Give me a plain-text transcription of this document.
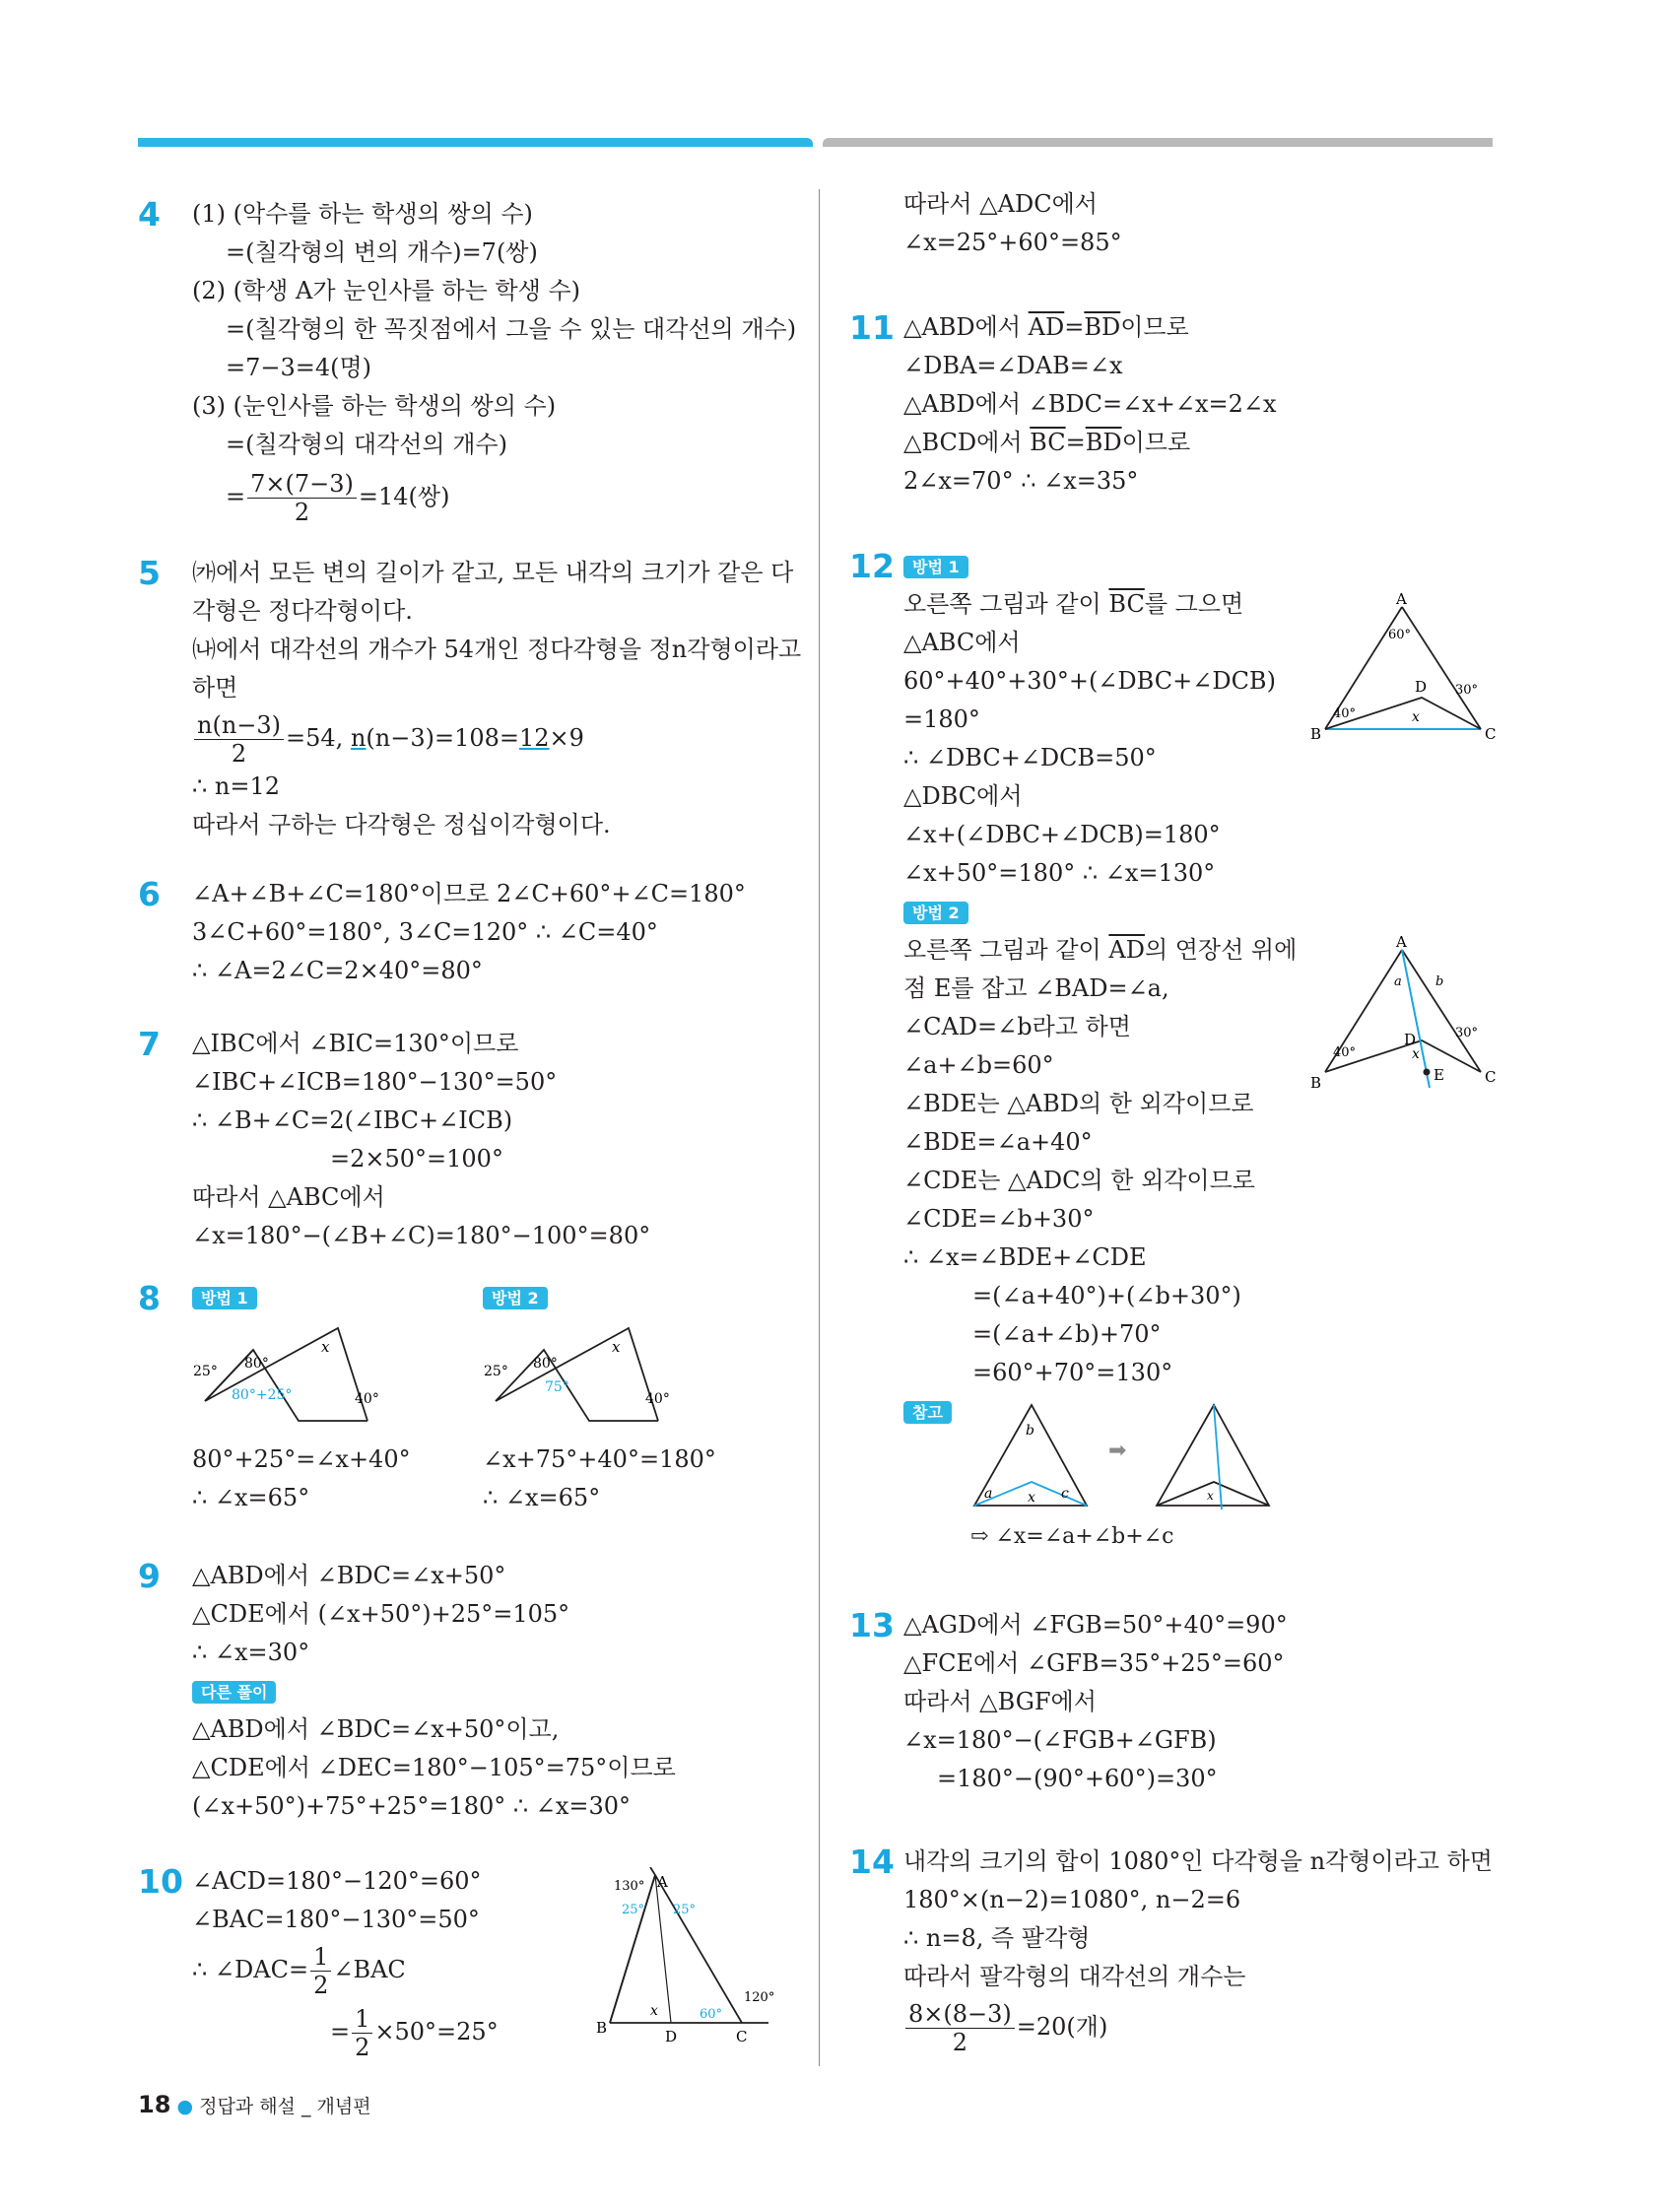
4 (1) (악수를 하는 학생의 쌍의 수)
=(칠각형의 변의 개수)=7(쌍)
(2) (학생 A가 눈인사를 하는 학생 수)
=(칠각형의 한 꼭짓점에서 그을 수 있는 대각선의 개수)
=7−3=4(명)
(3) (눈인사를 하는 학생의 쌍의 수)
=(칠각형의 대각선의 개수)
= $\frac{7\times(7-3)}{2} =14$(쌍)
5 ㈎에서 모든 변의 길이가 같고, 모든 내각의 크기가 같은 다
각형은 정다각형이다.
㈏에서 대각선의 개수가 54개인 정다각형을 정n각형이라고
하면
$\frac{n(n-3)}{2} =54$, n(n−3)=108=12×9
∴ n=12
따라서 구하는 다각형은 정십이각형이다.
6 ∠A+∠B+∠C=180°이므로 2∠C+60°+∠C=180°
3∠C+60°=180°, 3∠C=120° ∴ ∠C=40°
∴ ∠A=2∠C=2×40°=80°
7 △IBC에서 ∠BIC=130°이므로
∠IBC+∠ICB=180°−130°=50°
∴ ∠B+∠C=2(∠IBC+∠ICB)
=2×50°=100°
따라서 △ABC에서
∠x=180°−(∠B+∠C)=180°−100°=80°
8	방법 1	방법 2
25° 80°
x
80°+25°	40°
25° 80°
x
75°
40°
80°+25°=∠x+40°
∴ ∠x=65°
∠x+75°+40°=180°
∴ ∠x=65°
9 △ABD에서 ∠BDC=∠x+50°
△CDE에서 (∠x+50°)+25°=105°
∴ ∠x=30°
다른 풀이
△ABD에서 ∠BDC=∠x+50°이고,
△CDE에서 ∠DEC=180°−105°=75°이므로
(∠x+50°)+75°+25°=180° ∴ ∠x=30°
10 ∠ACD=180°−120°=60°
∠BAC=180°−130°=50°
∴ ∠DAC= $\frac{1}{2}$ ∠BAC
= $\frac{1}{2} \times 50^\circ=25^\circ$
A
B	C
D
130°
25° 25°
x	60°
120°
따라서 △ADC에서
∠x=25°+60°=85°
11 △ABD에서 $\overline{AD}=\overline{BD}$이므로
∠DBA=∠DAB=∠x
△ABD에서 ∠BDC=∠x+∠x=2∠x
△BCD에서 $\overline{BC}=\overline{BD}$이므로
2∠x=70° ∴ ∠x=35°
12	방법 1
오른쪽 그림과 같이 $\overline{BC}$를 그으면
△ABC에서
60°+40°+30°+(∠DBC+∠DCB)
=180°
∴ ∠DBC+∠DCB=50°
△DBC에서
∠x+(∠DBC+∠DCB)=180°
∠x+50°=180° ∴ ∠x=130°
방법 2
오른쪽 그림과 같이 $\overline{AD}$의 연장선 위에
점 E를 잡고 ∠BAD=∠a,
∠CAD=∠b라고 하면
∠a+∠b=60°
∠BDE는 △ABD의 한 외각이므로
∠BDE=∠a+40°
∠CDE는 △ADC의 한 외각이므로
∠CDE=∠b+30°
∴ ∠x=∠BDE+∠CDE
=(∠a+40°)+(∠b+30°)
=(∠a+∠b)+70°
=60°+70°=130°
참고
A
B	C
D
60°
40°
30°
x
A
B	C
D
E
a	b
40°
30°
x
b
a	c
x
➡
x
⇨ ∠x=∠a+∠b+∠c
13 △AGD에서 ∠FGB=50°+40°=90°
△FCE에서 ∠GFB=35°+25°=60°
따라서 △BGF에서
∠x=180°−(∠FGB+∠GFB)
=180°−(90°+60°)=30°
14 내각의 크기의 합이 1080°인 다각형을 n각형이라고 하면
180°×(n−2)=1080°, n−2=6
∴ n=8, 즉 팔각형
따라서 팔각형의 대각선의 개수는
$\frac{8\times(8-3)}{2} =20$(개)
18 ● 정답과 해설 _ 개념편
